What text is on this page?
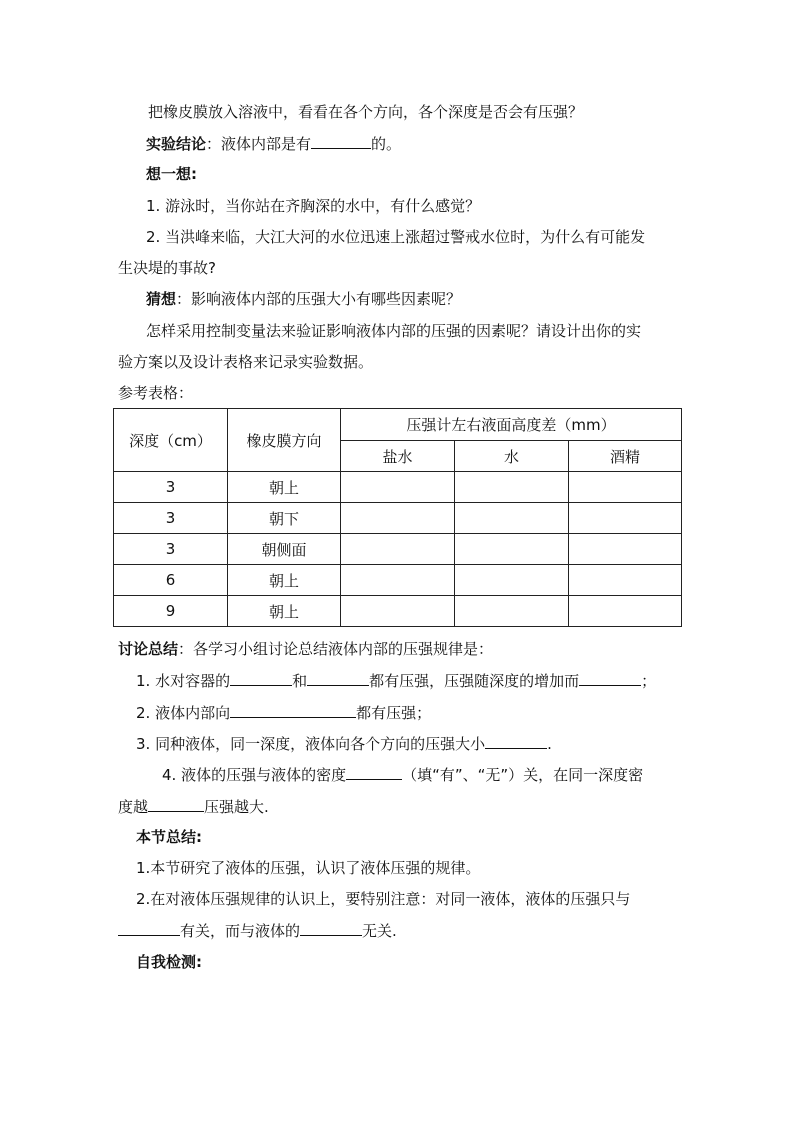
把橡皮膜放入溶液中，看看在各个方向，各个深度是否会有压强？
实验结论：液体内部是有	的。
想一想:
1. 游泳时，当你站在齐胸深的水中，有什么感觉？
2. 当洪峰来临，大江大河的水位迅速上涨超过警戒水位时，为什么有可能发
生决堤的事故?
猜想：影响液体内部的压强大小有哪些因素呢？
怎样采用控制变量法来验证影响液体内部的压强的因素呢？请设计出你的实
验方案以及设计表格来记录实验数据。
参考表格：
深度（cm）	橡皮膜方向	压强计左右液面高度差（mm）		
		盐水	水	酒精
3	朝上			
3	朝下			
3	朝侧面			
6	朝上			
9	朝上			
讨论总结：各学习小组讨论总结液体内部的压强规律是：
1. 水对容器的	和	都有压强，压强随深度的增加而	；
2. 液体内部向	都有压强；
3. 同种液体，同一深度，液体向各个方向的压强大小	.
4. 液体的压强与液体的密度	（填“有”、“无”）关，在同一深度密
度越	压强越大.
本节总结:
1.本节研究了液体的压强，认识了液体压强的规律。
2.在对液体压强规律的认识上，要特别注意：对同一液体，液体的压强只与
有关，而与液体的	无关.
自我检测:
